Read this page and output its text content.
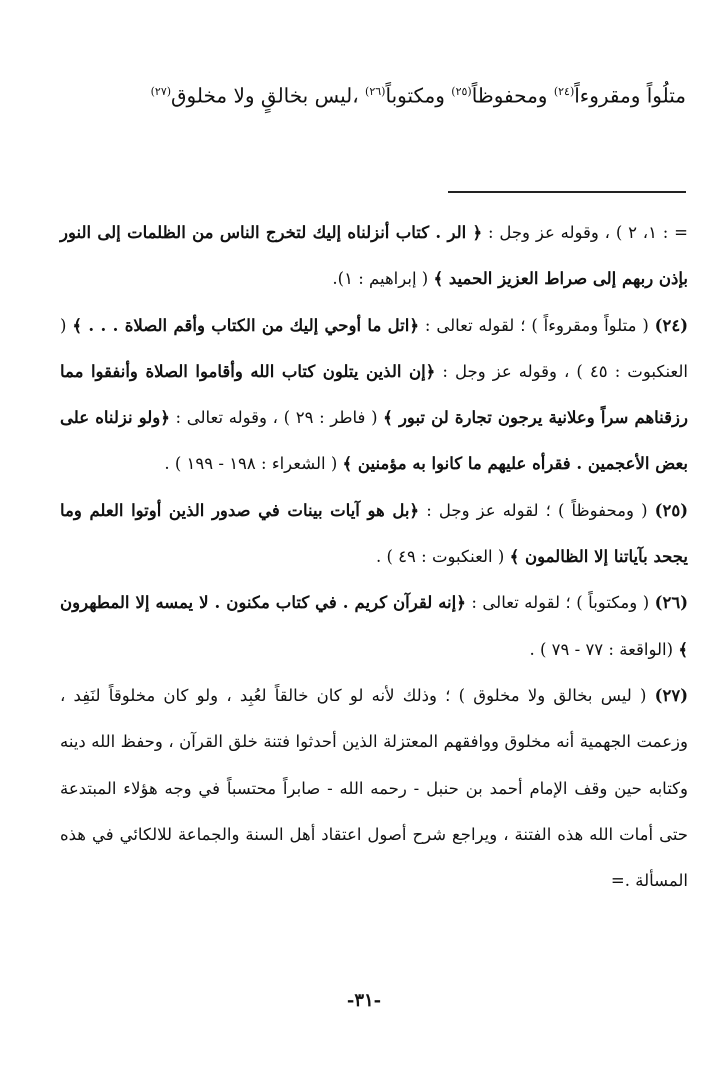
متلُواً ومقروءاً$^{(٢٤)}$ ومحفوظاً$^{(٢٥)}$ ومكتوباً$^{(٢٦)}$ ،ليس بخالقٍ ولا مخلوق$^{(٢٧)}$

= : ١، ٢ ) ، وقوله عز وجل : ﴿ الر . كتاب أنزلناه إليك لتخرج الناس من الظلمات إلى النور بإذن ربهم إلى صراط العزيز الحميد ﴾ ( إبراهيم : ١).

(٢٤) ( متلواً ومقروءاً ) ؛ لقوله تعالى : ﴿اتل ما أوحي إليك من الكتاب وأقم الصلاة . . . ﴾ ( العنكبوت : ٤٥ ) ، وقوله عز وجل : ﴿إن الذين يتلون كتاب الله وأقاموا الصلاة وأنفقوا مما رزقناهم سراً وعلانية يرجون تجارة لن تبور ﴾ ( فاطر : ٢٩ ) ، وقوله تعالى : ﴿ولو نزلناه على بعض الأعجمين . فقرأه عليهم ما كانوا به مؤمنين ﴾ ( الشعراء : ١٩٨ - ١٩٩ ) .

(٢٥) ( ومحفوظاً ) ؛ لقوله عز وجل : ﴿بل هو آيات بينات في صدور الذين أوتوا العلم وما يجحد بآياتنا إلا الظالمون ﴾ ( العنكبوت : ٤٩ ) .

(٢٦) ( ومكتوباً ) ؛ لقوله تعالى : ﴿إنه لقرآن كريم . في كتاب مكنون . لا يمسه إلا المطهرون ﴾ (الواقعة : ٧٧ - ٧٩ ) .

(٢٧) ( ليس بخالق ولا مخلوق ) ؛ وذلك لأنه لو كان خالقاً لعُبِد ، ولو كان مخلوقاً لنَفِد ، وزعمت الجهمية أنه مخلوق ووافقهم المعتزلة الذين أحدثوا فتنة خلق القرآن ، وحفظ الله دينه وكتابه حين وقف الإمام أحمد بن حنبل - رحمه الله - صابراً محتسباً في وجه هؤلاء المبتدعة حتى أمات الله هذه الفتنة ، ويراجع شرح أصول اعتقاد أهل السنة والجماعة للالكائي في هذه المسألة .=

-٣١-
